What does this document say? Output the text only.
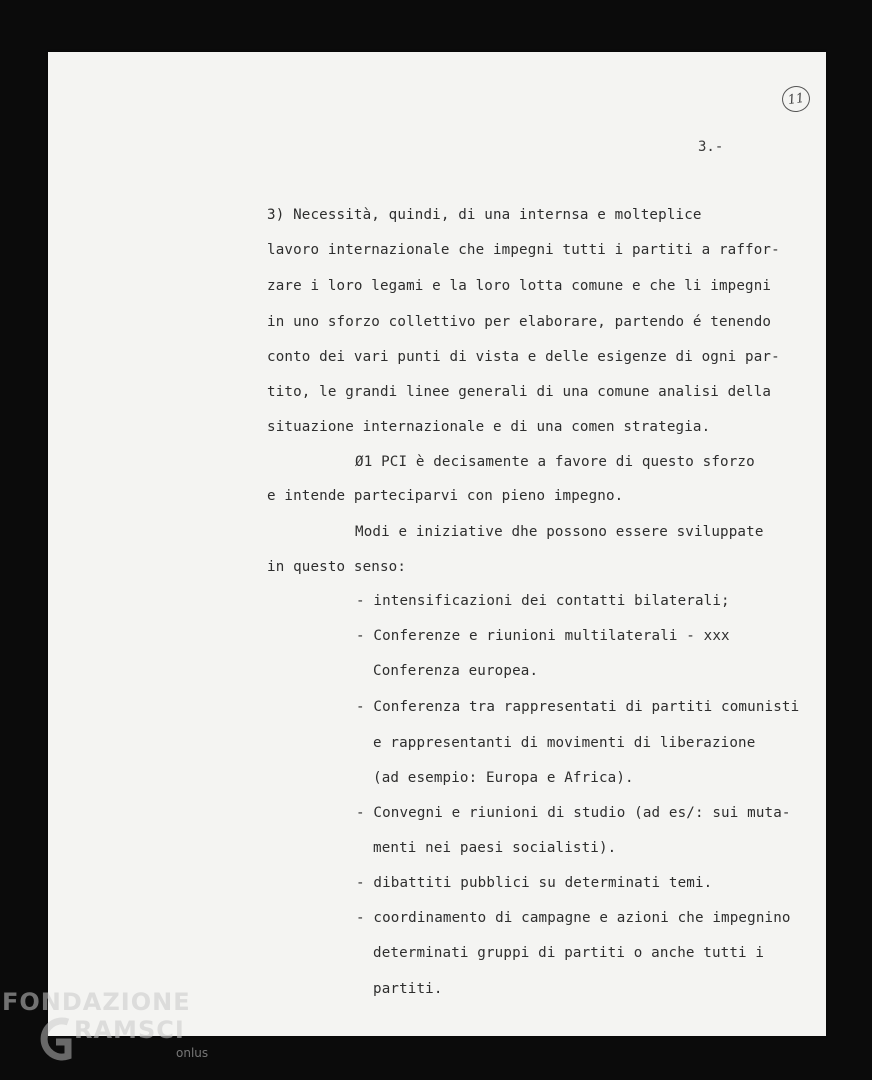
11
3.-
3) Necessità, quindi, di una internsa e molteplice
lavoro internazionale che impegni tutti i partiti a raffor-
zare i loro legami e la loro lotta comune e che li impegni
in uno sforzo collettivo per elaborare, partendo é tenendo
conto dei vari punti di vista e delle esigenze di ogni par-
tito, le grandi linee generali di una comune analisi della
situazione internazionale e di una comen strategia.
Ø1 PCI è decisamente a favore di questo sforzo
e intende parteciparvi con pieno impegno.
Modi e iniziative dhe possono essere sviluppate
in questo senso:
- intensificazioni dei contatti bilaterali;
- Conferenze e riunioni multilaterali - xxx
Conferenza europea.
- Conferenza tra rappresentati di partiti comunisti
e rappresentanti di movimenti di liberazione
(ad esempio: Europa e Africa).
- Convegni e riunioni di studio (ad es/: sui muta-
menti nei paesi socialisti).
- dibattiti pubblici su determinati temi.
- coordinamento di campagne e azioni che impegnino
determinati gruppi di partiti o anche tutti i
partiti.
FONDAZIONE
RAMSCI
onlus
